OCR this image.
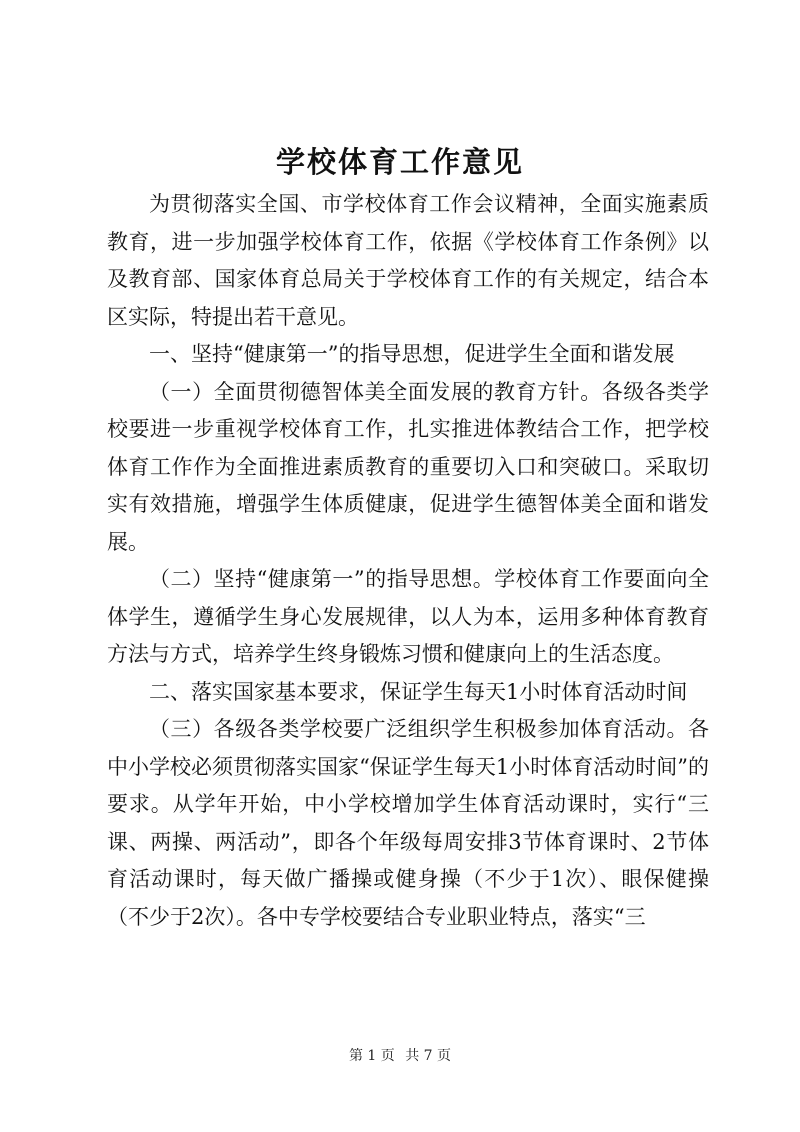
学校体育工作意见

为贯彻落实全国、市学校体育工作会议精神，全面实施素质教育，进一步加强学校体育工作，依据《学校体育工作条例》以及教育部、国家体育总局关于学校体育工作的有关规定，结合本区实际，特提出若干意见。

一、坚持“健康第一”的指导思想，促进学生全面和谐发展

（一）全面贯彻德智体美全面发展的教育方针。各级各类学校要进一步重视学校体育工作，扎实推进体教结合工作，把学校体育工作作为全面推进素质教育的重要切入口和突破口。采取切实有效措施，增强学生体质健康，促进学生德智体美全面和谐发展。

（二）坚持“健康第一”的指导思想。学校体育工作要面向全体学生，遵循学生身心发展规律，以人为本，运用多种体育教育方法与方式，培养学生终身锻炼习惯和健康向上的生活态度。

二、落实国家基本要求，保证学生每天1小时体育活动时间

（三）各级各类学校要广泛组织学生积极参加体育活动。各中小学校必须贯彻落实国家“保证学生每天1小时体育活动时间”的要求。从学年开始，中小学校增加学生体育活动课时，实行“三课、两操、两活动”，即各个年级每周安排3节体育课时、2节体育活动课时，每天做广播操或健身操（不少于1次）、眼保健操（不少于2次）。各中专学校要结合专业职业特点，落实“三

第 1 页 共 7 页
